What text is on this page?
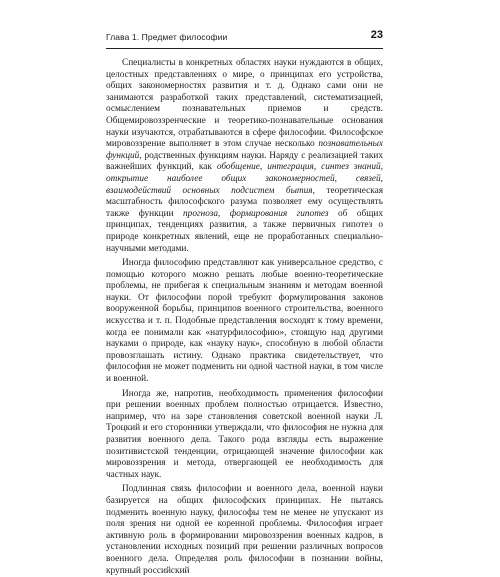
Глава 1. Предмет философии	23

Специалисты в конкретных областях науки нуждаются в общих, целостных представлениях о мире, о принципах его устройства, общих закономерностях развития и т. д. Однако сами они не занимаются разработкой таких представлений, систематизацией, осмыслением познавательных приемов и средств. Общемировоззренческие и теоретико-познавательные основания науки изучаются, отрабатываются в сфере философии. Философское мировоззрение выполняет в этом случае несколько познавательных функций, родственных функциям науки. Наряду с реализацией таких важнейших функций, как обобщение, интеграция, синтез знаний, открытие наиболее общих закономерностей, связей, взаимодействий основных подсистем бытия, теоретическая масштабность философского разума позволяет ему осуществлять также функции прогноза, формирования гипотез об общих принципах, тенденциях развития, а также первичных гипотез о природе конкретных явлений, еще не проработанных специально-научными методами.

Иногда философию представляют как универсальное средство, с помощью которого можно решать любые военно-теоретические проблемы, не прибегая к специальным знаниям и методам военной науки. От философии порой требуют формулирования законов вооруженной борьбы, принципов военного строительства, военного искусства и т. п. Подобные представления восходят к тому времени, когда ее понимали как «натурфилософию», стоящую над другими науками о природе, как «науку наук», способную в любой области провозглашать истину. Однако практика свидетельствует, что философия не может подменить ни одной частной науки, в том числе и военной.

Иногда же, напротив, необходимость применения философии при решении военных проблем полностью отрицается. Известно, например, что на заре становления советской военной науки Л. Троцкий и его сторонники утверждали, что философия не нужна для развития военного дела. Такого рода взгляды есть выражение позитивистской тенденции, отрицающей значение философии как мировоззрения и метода, отвергающей ее необходимость для частных наук.

Подлинная связь философии и военного дела, военной науки базируется на общих философских принципах. Не пытаясь подменить военную науку, философы тем не менее не упускают из поля зрения ни одной ее коренной проблемы. Философия играет активную роль в формировании мировоззрения военных кадров, в установлении исходных позиций при решении различных вопросов военного дела. Определяя роль философии в познании войны, крупный российский
